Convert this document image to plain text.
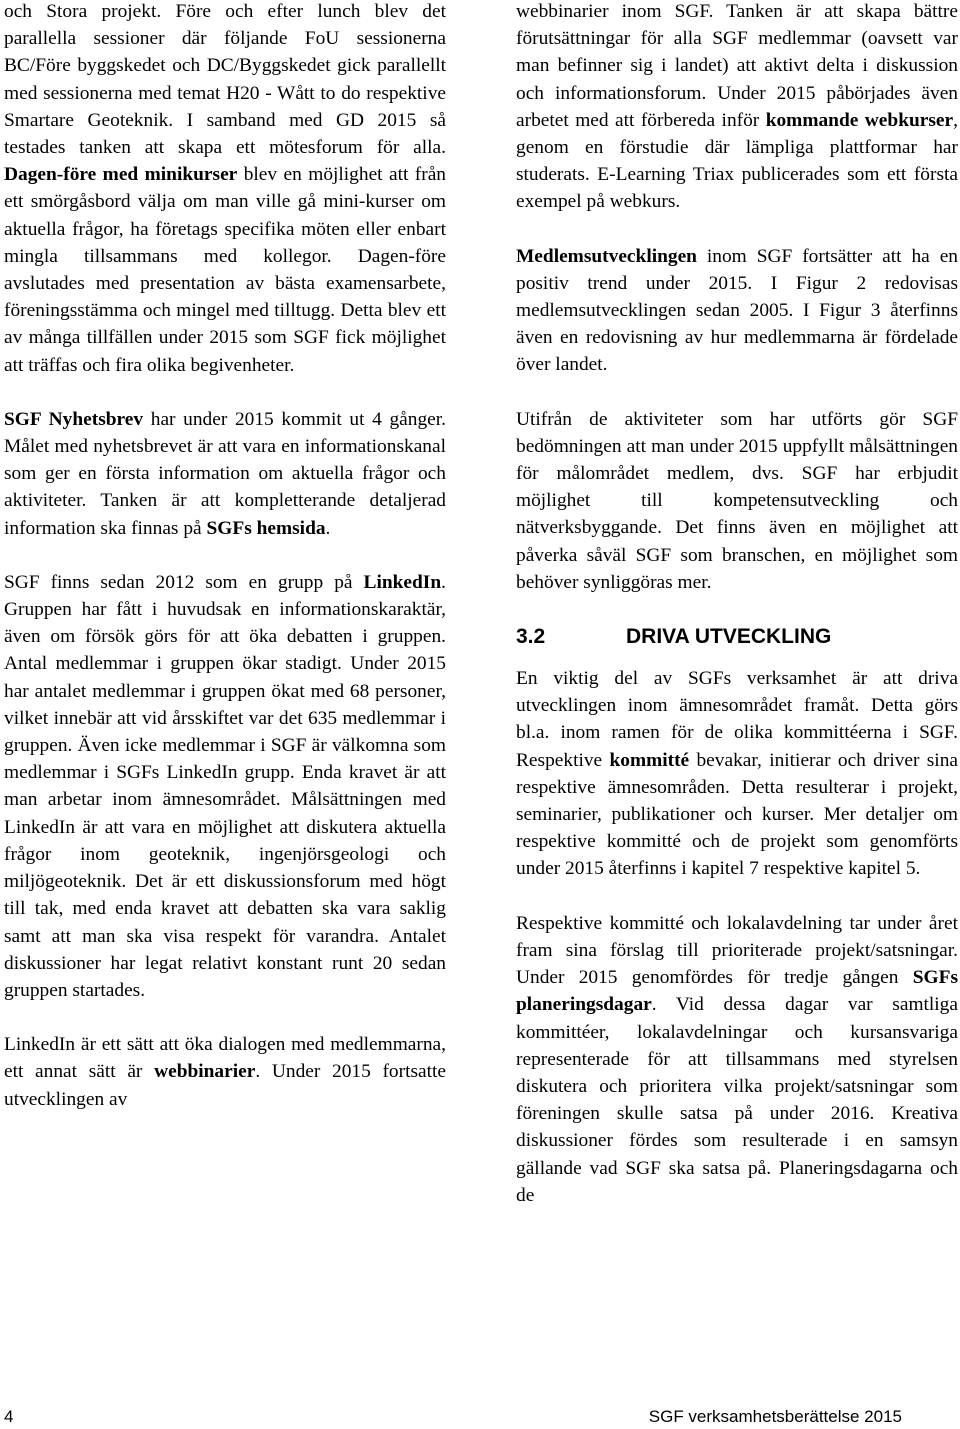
och Stora projekt. Före och efter lunch blev det parallella sessioner där följande FoU sessionerna BC/Före byggskedet och DC/Byggskedet gick parallellt med sessionerna med temat H20 - Wått to do respektive Smartare Geoteknik. I samband med GD 2015 så testades tanken att skapa ett mötesforum för alla. Dagen-före med minikurser blev en möjlighet att från ett smörgåsbord välja om man ville gå mini-kurser om aktuella frågor, ha företags specifika möten eller enbart mingla tillsammans med kollegor. Dagen-före avslutades med presentation av bästa examensarbete, föreningsstämma och mingel med tilltugg. Detta blev ett av många tillfällen under 2015 som SGF fick möjlighet att träffas och fira olika begivenheter.

SGF Nyhetsbrev har under 2015 kommit ut 4 gånger. Målet med nyhetsbrevet är att vara en informationskanal som ger en första information om aktuella frågor och aktiviteter. Tanken är att kompletterande detaljerad information ska finnas på SGFs hemsida.

SGF finns sedan 2012 som en grupp på LinkedIn. Gruppen har fått i huvudsak en informationskaraktär, även om försök görs för att öka debatten i gruppen. Antal medlemmar i gruppen ökar stadigt. Under 2015 har antalet medlemmar i gruppen ökat med 68 personer, vilket innebär att vid årsskiftet var det 635 medlemmar i gruppen. Även icke medlemmar i SGF är välkomna som medlemmar i SGFs LinkedIn grupp. Enda kravet är att man arbetar inom ämnesområdet. Målsättningen med LinkedIn är att vara en möjlighet att diskutera aktuella frågor inom geoteknik, ingenjörsgeologi och miljögeoteknik. Det är ett diskussionsforum med högt till tak, med enda kravet att debatten ska vara saklig samt att man ska visa respekt för varandra. Antalet diskussioner har legat relativt konstant runt 20 sedan gruppen startades.

LinkedIn är ett sätt att öka dialogen med medlemmarna, ett annat sätt är webbinarier. Under 2015 fortsatte utvecklingen av

webbinarier inom SGF. Tanken är att skapa bättre förutsättningar för alla SGF medlemmar (oavsett var man befinner sig i landet) att aktivt delta i diskussion och informationsforum. Under 2015 påbörjades även arbetet med att förbereda inför kommande webkurser, genom en förstudie där lämpliga plattformar har studerats. E-Learning Triax publicerades som ett första exempel på webkurs.

Medlemsutvecklingen inom SGF fortsätter att ha en positiv trend under 2015. I Figur 2 redovisas medlemsutvecklingen sedan 2005. I Figur 3 återfinns även en redovisning av hur medlemmarna är fördelade över landet.

Utifrån de aktiviteter som har utförts gör SGF bedömningen att man under 2015 uppfyllt målsättningen för målområdet medlem, dvs. SGF har erbjudit möjlighet till kompetensutveckling och nätverksbyggande. Det finns även en möjlighet att påverka såväl SGF som branschen, en möjlighet som behöver synliggöras mer.

3.2	DRIVA UTVECKLING

En viktig del av SGFs verksamhet är att driva utvecklingen inom ämnesområdet framåt. Detta görs bl.a. inom ramen för de olika kommittéerna i SGF. Respektive kommitté bevakar, initierar och driver sina respektive ämnesområden. Detta resulterar i projekt, seminarier, publikationer och kurser. Mer detaljer om respektive kommitté och de projekt som genomförts under 2015 återfinns i kapitel 7 respektive kapitel 5.

Respektive kommitté och lokalavdelning tar under året fram sina förslag till prioriterade projekt/satsningar. Under 2015 genomfördes för tredje gången SGFs planeringsdagar. Vid dessa dagar var samtliga kommittéer, lokalavdelningar och kursansvariga representerade för att tillsammans med styrelsen diskutera och prioritera vilka projekt/satsningar som föreningen skulle satsa på under 2016. Kreativa diskussioner fördes som resulterade i en samsyn gällande vad SGF ska satsa på. Planeringsdagarna och de

4	SGF verksamhetsberättelse 2015
